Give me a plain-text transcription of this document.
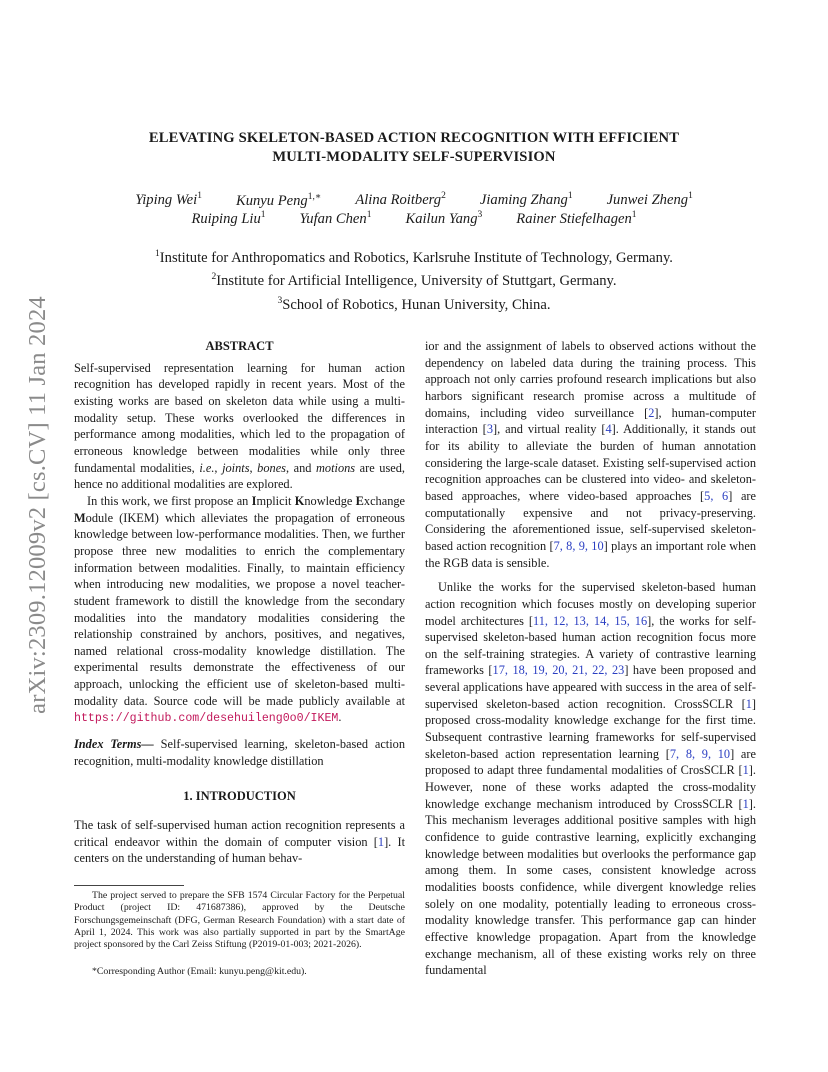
arXiv:2309.12009v2 [cs.CV] 11 Jan 2024
ELEVATING SKELETON-BASED ACTION RECOGNITION WITH EFFICIENT
MULTI-MODALITY SELF-SUPERVISION
Yiping Wei$^1$ Kunyu Peng$^{1,∗}$ Alina Roitberg$^2$ Jiaming Zhang$^1$ Junwei Zheng$^1$
Ruiping Liu$^1$ Yufan Chen$^1$ Kailun Yang$^3$ Rainer Stiefelhagen$^1$
$^1$Institute for Anthropomatics and Robotics, Karlsruhe Institute of Technology, Germany.
$^2$Institute for Artificial Intelligence, University of Stuttgart, Germany.
$^3$School of Robotics, Hunan University, China.

ABSTRACT

Self-supervised representation learning for human action recognition has developed rapidly in recent years. Most of the existing works are based on skeleton data while using a multi-modality setup. These works overlooked the differences in performance among modalities, which led to the propagation of erroneous knowledge between modalities while only three fundamental modalities, i.e., joints, bones, and motions are used, hence no additional modalities are explored.

In this work, we first propose an Implicit Knowledge Exchange Module (IKEM) which alleviates the propagation of erroneous knowledge between low-performance modalities. Then, we further propose three new modalities to enrich the complementary information between modalities. Finally, to maintain efficiency when introducing new modalities, we propose a novel teacher-student framework to distill the knowledge from the secondary modalities into the mandatory modalities considering the relationship constrained by anchors, positives, and negatives, named relational cross-modality knowledge distillation. The experimental results demonstrate the effectiveness of our approach, unlocking the efficient use of skeleton-based multi-modality data. Source code will be made publicly available at https://github.com/desehuileng0o0/IKEM.

Index Terms— Self-supervised learning, skeleton-based action recognition, multi-modality knowledge distillation

1. INTRODUCTION

The task of self-supervised human action recognition represents a critical endeavor within the domain of computer vision [1]. It centers on the understanding of human behav-

ior and the assignment of labels to observed actions without the dependency on labeled data during the training process. This approach not only carries profound research implications but also harbors significant research promise across a multitude of domains, including video surveillance [2], human-computer interaction [3], and virtual reality [4]. Additionally, it stands out for its ability to alleviate the burden of human annotation considering the large-scale dataset. Existing self-supervised action recognition approaches can be clustered into video- and skeleton-based approaches, where video-based approaches [5, 6] are computationally expensive and not privacy-preserving. Considering the aforementioned issue, self-supervised skeleton-based action recognition [7, 8, 9, 10] plays an important role when the RGB data is sensible.

Unlike the works for the supervised skeleton-based human action recognition which focuses mostly on developing superior model architectures [11, 12, 13, 14, 15, 16], the works for self-supervised skeleton-based human action recognition focus more on the self-training strategies. A variety of contrastive learning frameworks [17, 18, 19, 20, 21, 22, 23] have been proposed and several applications have appeared with success in the area of self-supervised skeleton-based action recognition. CrossSCLR [1] proposed cross-modality knowledge exchange for the first time. Subsequent contrastive learning frameworks for self-supervised skeleton-based action representation learning [7, 8, 9, 10] are proposed to adapt three fundamental modalities of CrosSCLR [1]. However, none of these works adapted the cross-modality knowledge exchange mechanism introduced by CrossSCLR [1]. This mechanism leverages additional positive samples with high confidence to guide contrastive learning, explicitly exchanging knowledge between modalities but overlooks the performance gap among them. In some cases, consistent knowledge across modalities boosts confidence, while divergent knowledge relies solely on one modality, potentially leading to erroneous cross-modality knowledge transfer. This performance gap can hinder effective knowledge propagation. Apart from the knowledge exchange mechanism, all of these existing works rely on three fundamental

The project served to prepare the SFB 1574 Circular Factory for the Perpetual Product (project ID: 471687386), approved by the Deutsche Forschungsgemeinschaft (DFG, German Research Foundation) with a start date of April 1, 2024. This work was also partially supported in part by the SmartAge project sponsored by the Carl Zeiss Stiftung (P2019-01-003; 2021-2026).

*Corresponding Author (Email: kunyu.peng@kit.edu).
